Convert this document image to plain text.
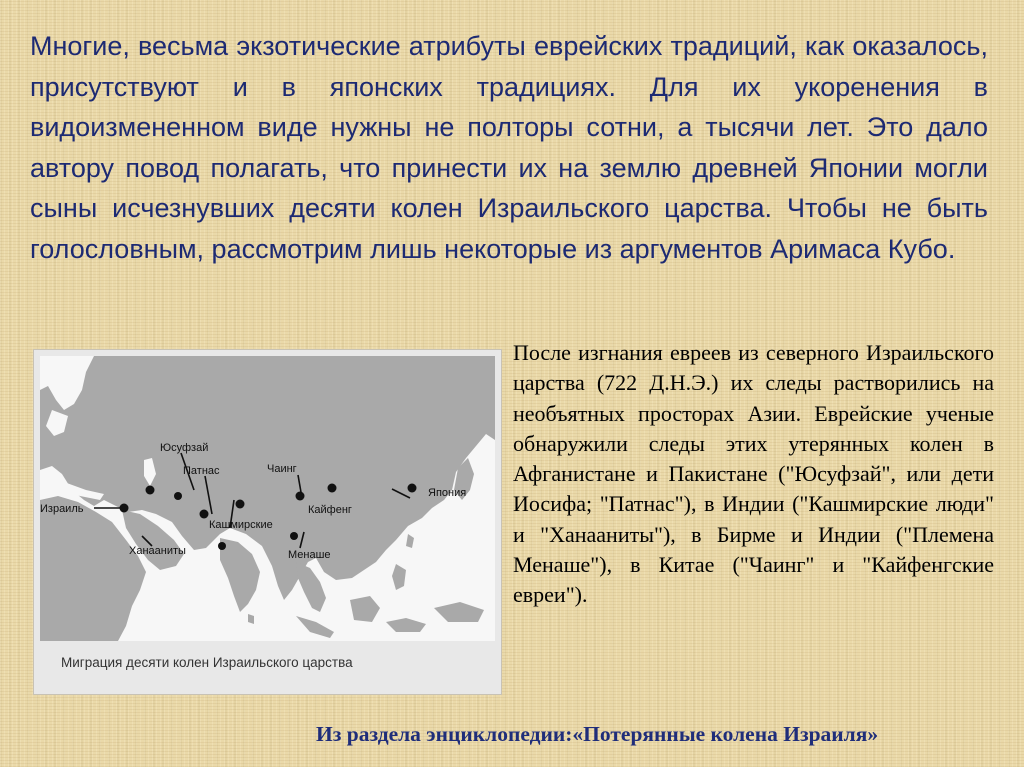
Многие, весьма экзотические атрибуты еврейских традиций, как оказалось, присутствуют и в японских традициях. Для их укоренения в видоизмененном виде нужны не полторы сотни, а тысячи лет. Это дало автору повод полагать, что принести их на землю древней Японии могли сыны исчезнувших десяти колен Израильского царства. Чтобы не быть голословным, рассмотрим лишь некоторые из аргументов Аримаса Кубо.

Юсуфзай
Патнас
Израиль
Кашмирские
Ханааниты
Чаинг
Кайфенг
Менаше
Япония
Миграция десяти колен Израильского царства

После изгнания евреев из северного Израильского царства (722 Д.Н.Э.) их следы растворились на необъятных просторах Азии. Еврейские ученые обнаружили следы этих утерянных колен в Афганистане и Пакистане ("Юсуфзай", или дети Иосифа; "Патнас"), в Индии ("Кашмирские люди" и "Ханааниты"), в Бирме и Индии ("Племена Менаше"), в Китае ("Чаинг" и "Кайфенгские евреи").

Из раздела энциклопедии:«Потерянные колена Израиля»
